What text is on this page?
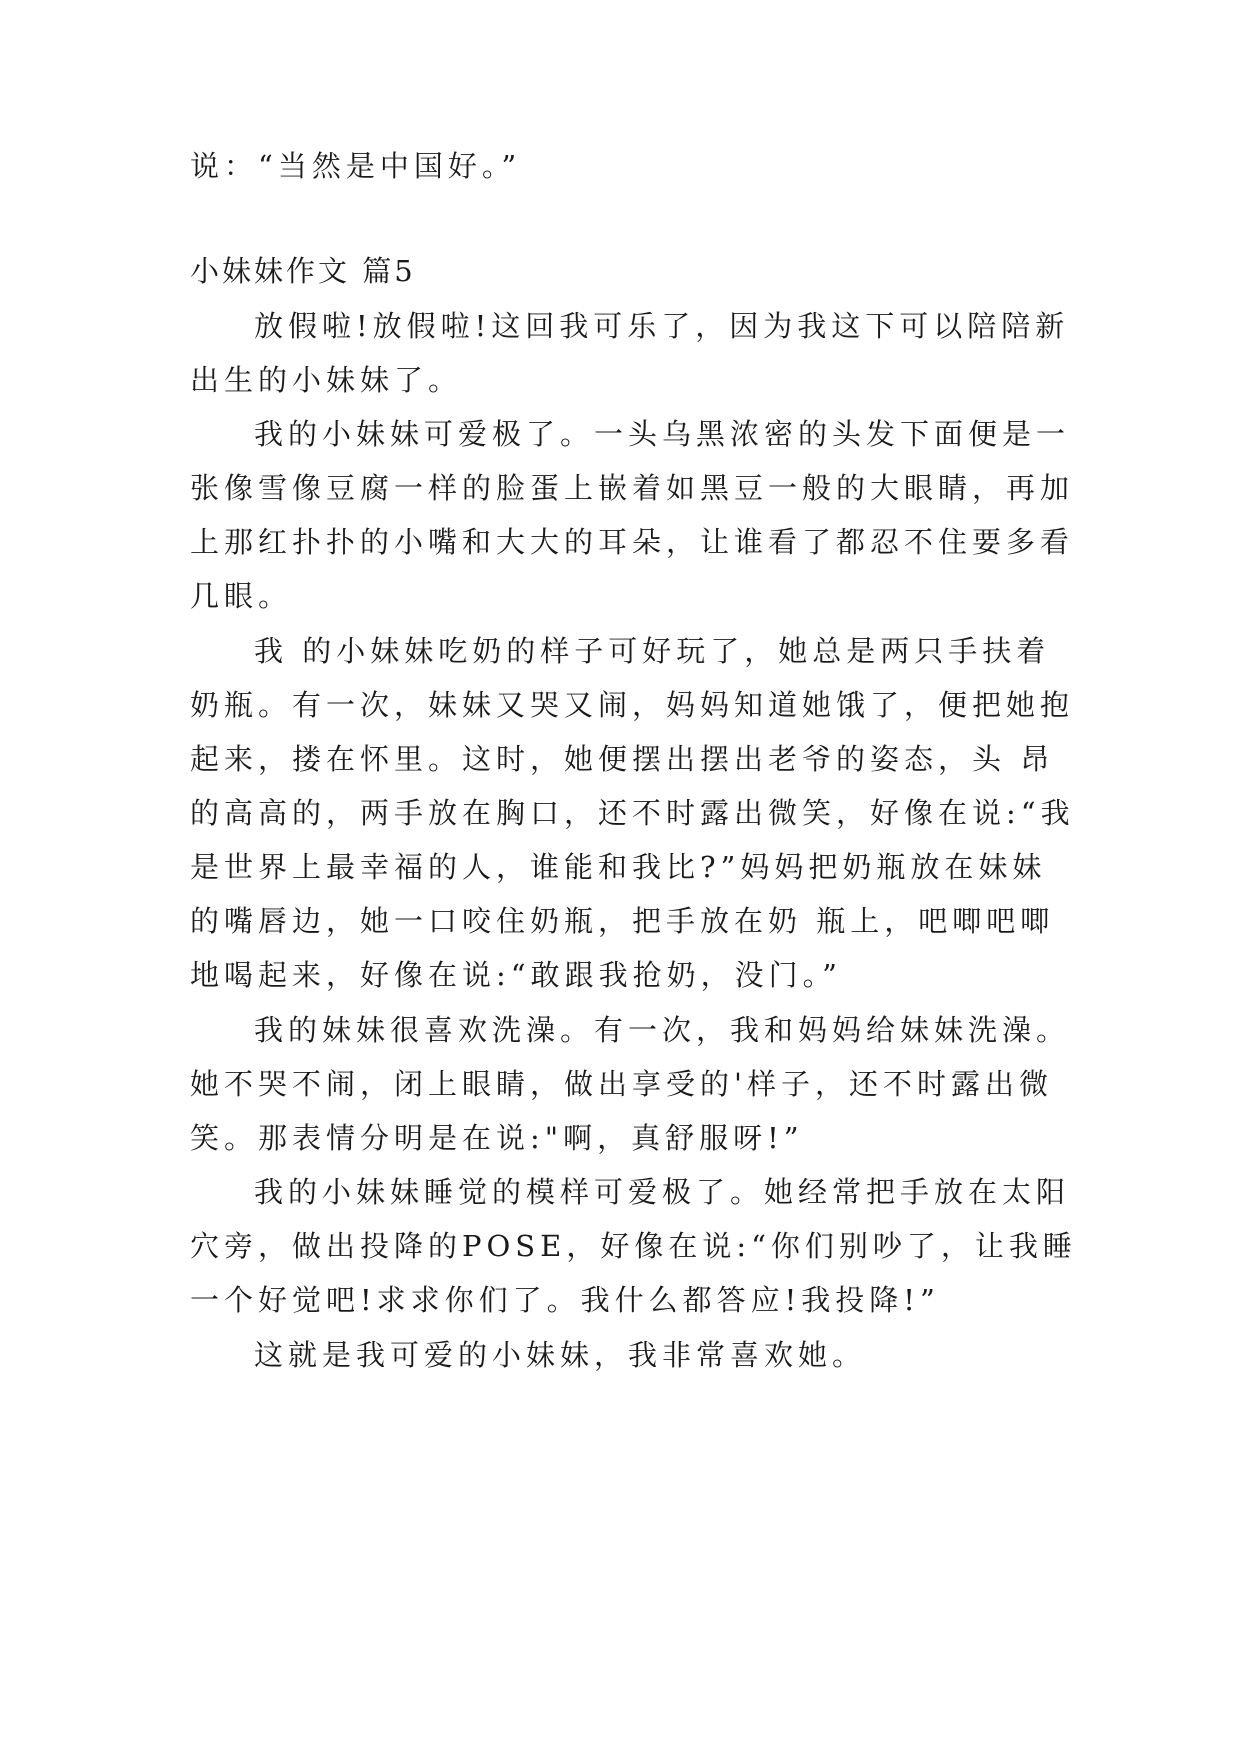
说：“当然是中国好。”

小妹妹作文 篇5

放假啦!放假啦!这回我可乐了，因为我这下可以陪陪新

出生的小妹妹了。

我的小妹妹可爱极了。一头乌黑浓密的头发下面便是一

张像雪像豆腐一样的脸蛋上嵌着如黑豆一般的大眼睛，再加

上那红扑扑的小嘴和大大的耳朵，让谁看了都忍不住要多看

几眼。

我 的小妹妹吃奶的样子可好玩了，她总是两只手扶着

奶瓶。有一次，妹妹又哭又闹，妈妈知道她饿了，便把她抱

起来，搂在怀里。这时，她便摆出摆出老爷的姿态，头 昂

的高高的，两手放在胸口，还不时露出微笑，好像在说:“我

是世界上最幸福的人，谁能和我比?”妈妈把奶瓶放在妹妹

的嘴唇边，她一口咬住奶瓶，把手放在奶 瓶上，吧唧吧唧

地喝起来，好像在说:“敢跟我抢奶，没门。”

我的妹妹很喜欢洗澡。有一次，我和妈妈给妹妹洗澡。

她不哭不闹，闭上眼睛，做出享受的'样子，还不时露出微

笑。那表情分明是在说:"啊，真舒服呀!”

我的小妹妹睡觉的模样可爱极了。她经常把手放在太阳

穴旁，做出投降的POSE，好像在说:“你们别吵了，让我睡

一个好觉吧!求求你们了。我什么都答应!我投降!”

这就是我可爱的小妹妹，我非常喜欢她。
